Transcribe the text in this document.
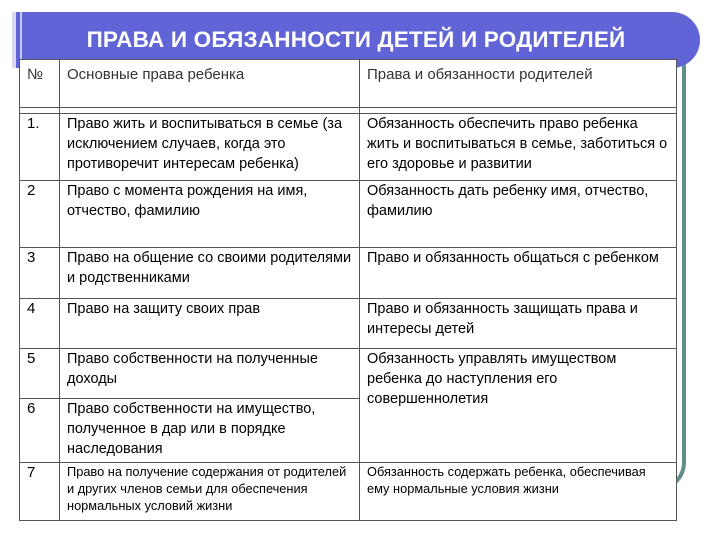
ПРАВА И ОБЯЗАННОСТИ ДЕТЕЙ И РОДИТЕЛЕЙ
№	Основные права ребенка	Права и обязанности родителей

1.	Право жить и воспитываться в семье (за исключением случаев, когда это противоречит интересам ребенка)	Обязанность обеспечить право ребенка жить и воспитываться в семье, заботиться о его здоровье и развитии
2	Право с момента рождения на имя, отчество, фамилию	Обязанность дать ребенку имя, отчество, фамилию
3	Право на общение со своими родителями и родственниками	Право и обязанность общаться с ребенком
4	Право на защиту своих прав	Право и обязанность защищать права и интересы детей
5	Право собственности на полученные доходы	Обязанность управлять имуществом ребенка до наступления его совершеннолетия
6	Право собственности на имущество, полученное в дар или в порядке наследования	
7	Право на получение содержания от родителей и других членов семьи для обеспечения нормальных условий жизни	Обязанность содержать ребенка, обеспечивая ему нормальные условия жизни
